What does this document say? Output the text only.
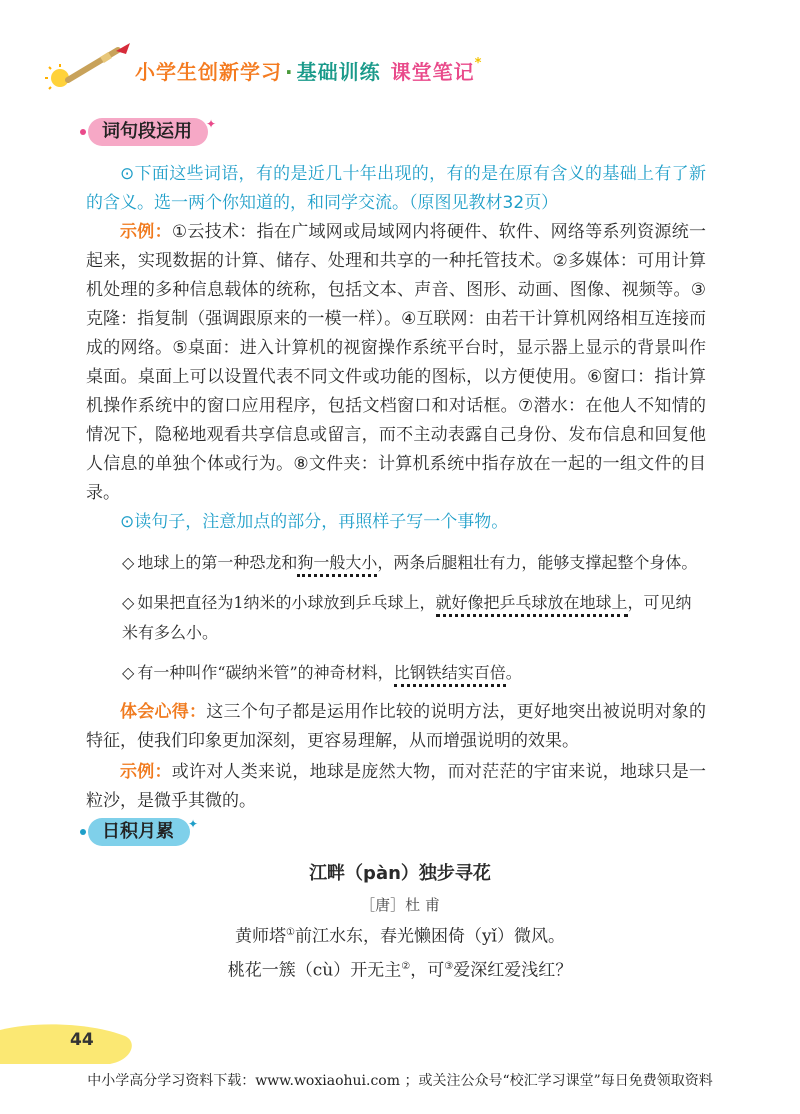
小学生创新学习 · 基础训练 课堂笔记*
词句段运用 ✦

⊙下面这些词语，有的是近几十年出现的，有的是在原有含义的基础上有了新的含义。选一两个你知道的，和同学交流。（原图见教材32页）

示例：①云技术：指在广域网或局域网内将硬件、软件、网络等系列资源统一起来，实现数据的计算、储存、处理和共享的一种托管技术。②多媒体：可用计算机处理的多种信息载体的统称，包括文本、声音、图形、动画、图像、视频等。③克隆：指复制（强调跟原来的一模一样）。④互联网：由若干计算机网络相互连接而成的网络。⑤桌面：进入计算机的视窗操作系统平台时，显示器上显示的背景叫作桌面。桌面上可以设置代表不同文件或功能的图标，以方便使用。⑥窗口：指计算机操作系统中的窗口应用程序，包括文档窗口和对话框。⑦潜水：在他人不知情的情况下，隐秘地观看共享信息或留言，而不主动表露自己身份、发布信息和回复他人信息的单独个体或行为。⑧文件夹：计算机系统中指存放在一起的一组文件的目录。

⊙读句子，注意加点的部分，再照样子写一个事物。

◇ 地球上的第一种恐龙和狗一般大小，两条后腿粗壮有力，能够支撑起整个身体。

◇ 如果把直径为1纳米的小球放到乒乓球上，就好像把乒乓球放在地球上，可见纳米有多么小。

◇ 有一种叫作“碳纳米管”的神奇材料，比钢铁结实百倍。

体会心得：这三个句子都是运用作比较的说明方法，更好地突出被说明对象的特征，使我们印象更加深刻，更容易理解，从而增强说明的效果。

示例：或许对人类来说，地球是庞然大物，而对茫茫的宇宙来说，地球只是一粒沙，是微乎其微的。

日积月累 ✦
江畔（pàn）独步寻花
［唐］杜 甫
黄师塔①前江水东，春光懒困倚（yǐ）微风。
桃花一簇（cù）开无主②，可③爱深红爱浅红？
44
中小学高分学习资料下载：www.woxiaohui.com ；或关注公众号“校汇学习课堂”每日免费领取资料
